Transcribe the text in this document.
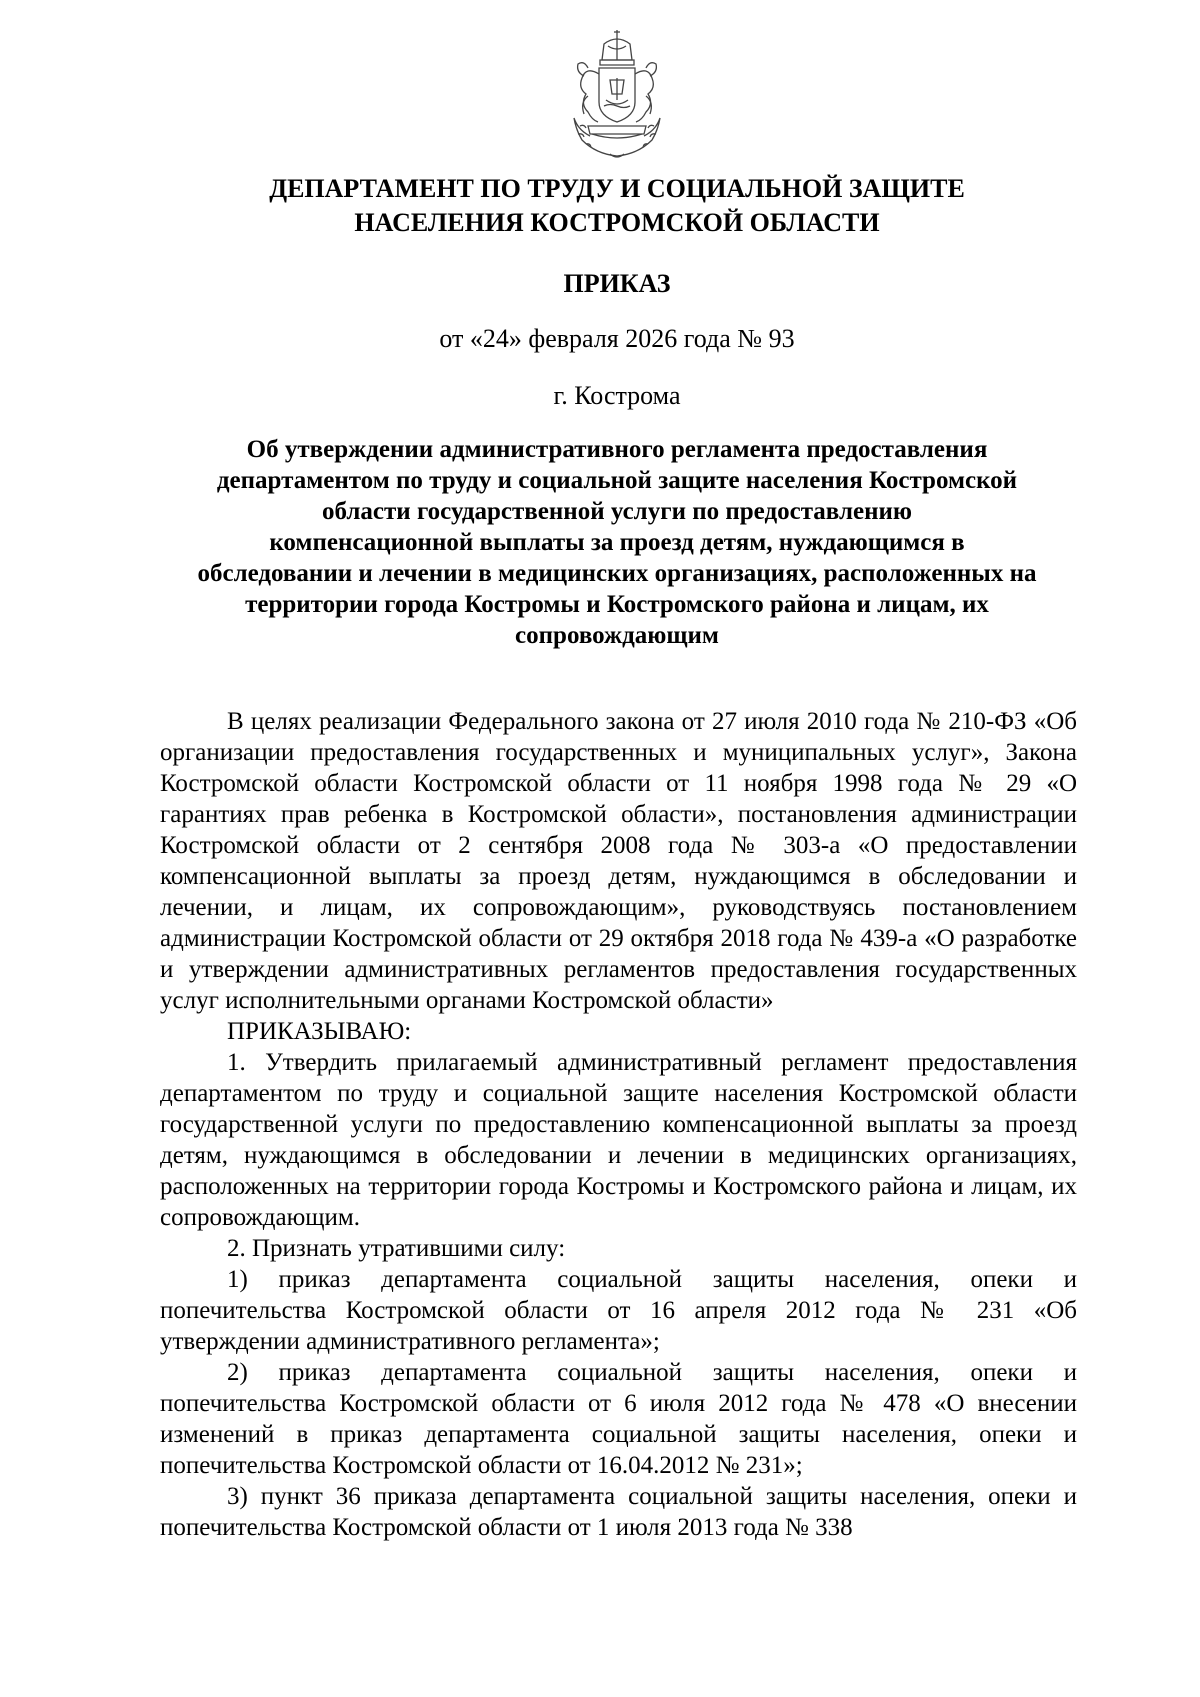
ДЕПАРТАМЕНТ ПО ТРУДУ И СОЦИАЛЬНОЙ ЗАЩИТЕ
НАСЕЛЕНИЯ КОСТРОМСКОЙ ОБЛАСТИ
ПРИКАЗ
от «24» февраля 2026 года № 93
г. Кострома
Об утверждении административного регламента предоставления
департаментом по труду и социальной защите населения Костромской
области государственной услуги по предоставлению
компенсационной выплаты за проезд детям, нуждающимся в
обследовании и лечении в медицинских организациях, расположенных на
территории города Костромы и Костромского района и лицам, их
сопровождающим

В целях реализации Федерального закона от 27 июля 2010 года № 210-ФЗ «Об организации предоставления государственных и муниципальных услуг», Закона Костромской области Костромской области от 11 ноября 1998 года № 29 «О гарантиях прав ребенка в Костромской области», постановления администрации Костромской области от 2 сентября 2008 года № 303-а «О предоставлении компенсационной выплаты за проезд детям, нуждающимся в обследовании и лечении, и лицам, их сопровождающим», руководствуясь постановлением администрации Костромской области от 29 октября 2018 года № 439-а «О разработке и утверждении административных регламентов предоставления государственных услуг исполнительными органами Костромской области»

ПРИКАЗЫВАЮ:

1. Утвердить прилагаемый административный регламент предоставления департаментом по труду и социальной защите населения Костромской области государственной услуги по предоставлению компенсационной выплаты за проезд детям, нуждающимся в обследовании и лечении в медицинских организациях, расположенных на территории города Костромы и Костромского района и лицам, их сопровождающим.

2. Признать утратившими силу:

1) приказ департамента социальной защиты населения, опеки и попечительства Костромской области от 16 апреля 2012 года № 231 «Об утверждении административного регламента»;

2) приказ департамента социальной защиты населения, опеки и попечительства Костромской области от 6 июля 2012 года № 478 «О внесении изменений в приказ департамента социальной защиты населения, опеки и попечительства Костромской области от 16.04.2012 № 231»;

3) пункт 36 приказа департамента социальной защиты населения, опеки и попечительства Костромской области от 1 июля 2013 года № 338
